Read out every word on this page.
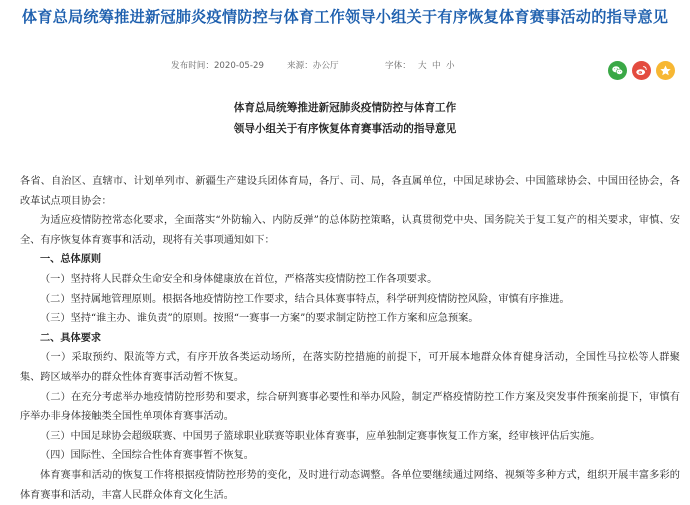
体育总局统筹推进新冠肺炎疫情防控与体育工作领导小组关于有序恢复体育赛事活动的指导意见
发布时间：2020-05-29	来源：办公厅	字体： 大 中 小
体育总局统筹推进新冠肺炎疫情防控与体育工作
领导小组关于有序恢复体育赛事活动的指导意见

各省、自治区、直辖市、计划单列市、新疆生产建设兵团体育局，各厅、司、局，各直属单位，中国足球协会、中国篮球协会、中国田径协会，各改革试点项目协会：

为适应疫情防控常态化要求，全面落实“外防输入、内防反弹”的总体防控策略，认真贯彻党中央、国务院关于复工复产的相关要求，审慎、安全、有序恢复体育赛事和活动，现将有关事项通知如下：

一、总体原则

（一）坚持将人民群众生命安全和身体健康放在首位，严格落实疫情防控工作各项要求。

（二）坚持属地管理原则。根据各地疫情防控工作要求，结合具体赛事特点，科学研判疫情防控风险，审慎有序推进。

（三）坚持“谁主办、谁负责”的原则。按照“一赛事一方案”的要求制定防控工作方案和应急预案。

二、具体要求

（一）采取预约、限流等方式，有序开放各类运动场所，在落实防控措施的前提下，可开展本地群众体育健身活动，全国性马拉松等人群聚集、跨区域举办的群众性体育赛事活动暂不恢复。

（二）在充分考虑举办地疫情防控形势和要求，综合研判赛事必要性和举办风险，制定严格疫情防控工作方案及突发事件预案前提下，审慎有序举办非身体接触类全国性单项体育赛事活动。

（三）中国足球协会超级联赛、中国男子篮球职业联赛等职业体育赛事，应单独制定赛事恢复工作方案，经审核评估后实施。

（四）国际性、全国综合性体育赛事暂不恢复。

体育赛事和活动的恢复工作将根据疫情防控形势的变化，及时进行动态调整。各单位要继续通过网络、视频等多种方式，组织开展丰富多彩的体育赛事和活动，丰富人民群众体育文化生活。
